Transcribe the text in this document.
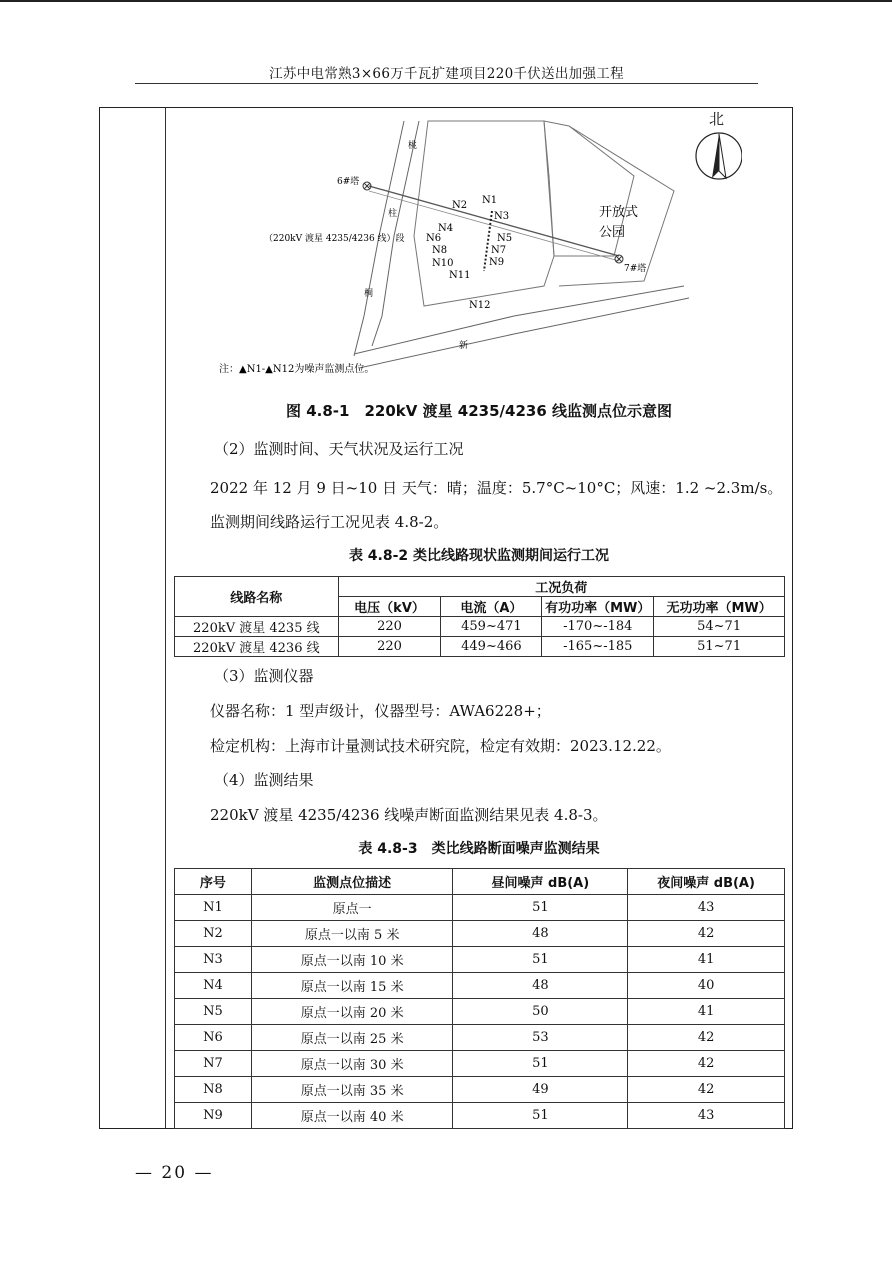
江苏中电常熟3×66万千瓦扩建项目220千伏送出加强工程
6#塔
7#塔
（220kV 渡星 4235/4236 线）段
开放式
公园
桃
柱
桐
新
N1
N2
N3
N4
N5
N6
N7
N8
N9
N10
N11
N12
注：▲N1-▲N12为噪声监测点位。
北
图 4.8-1　220kV 渡星 4235/4236 线监测点位示意图
（2）监测时间、天气状况及运行工况
2022 年 12 月 9 日~10 日 天气：晴；温度：5.7°C~10°C；风速：1.2 ~2.3m/s。
监测期间线路运行工况见表 4.8-2。
表 4.8-2 类比线路现状监测期间运行工况
线路名称	工况负荷			
	电压（kV）	电流（A）	有功功率（MW）	无功功率（MW）
220kV 渡星 4235 线	220	459~471	-170~-184	54~71
220kV 渡星 4236 线	220	449~466	-165~-185	51~71
（3）监测仪器
仪器名称：1 型声级计，仪器型号：AWA6228+；
检定机构：上海市计量测试技术研究院，检定有效期：2023.12.22。
（4）监测结果
220kV 渡星 4235/4236 线噪声断面监测结果见表 4.8-3。
表 4.8-3　类比线路断面噪声监测结果
序号	监测点位描述	昼间噪声 dB(A)	夜间噪声 dB(A)
N1	原点一	51	43
N2	原点一以南 5 米	48	42
N3	原点一以南 10 米	51	41
N4	原点一以南 15 米	48	40
N5	原点一以南 20 米	50	41
N6	原点一以南 25 米	53	42
N7	原点一以南 30 米	51	42
N8	原点一以南 35 米	49	42
N9	原点一以南 40 米	51	43
— 20 —
